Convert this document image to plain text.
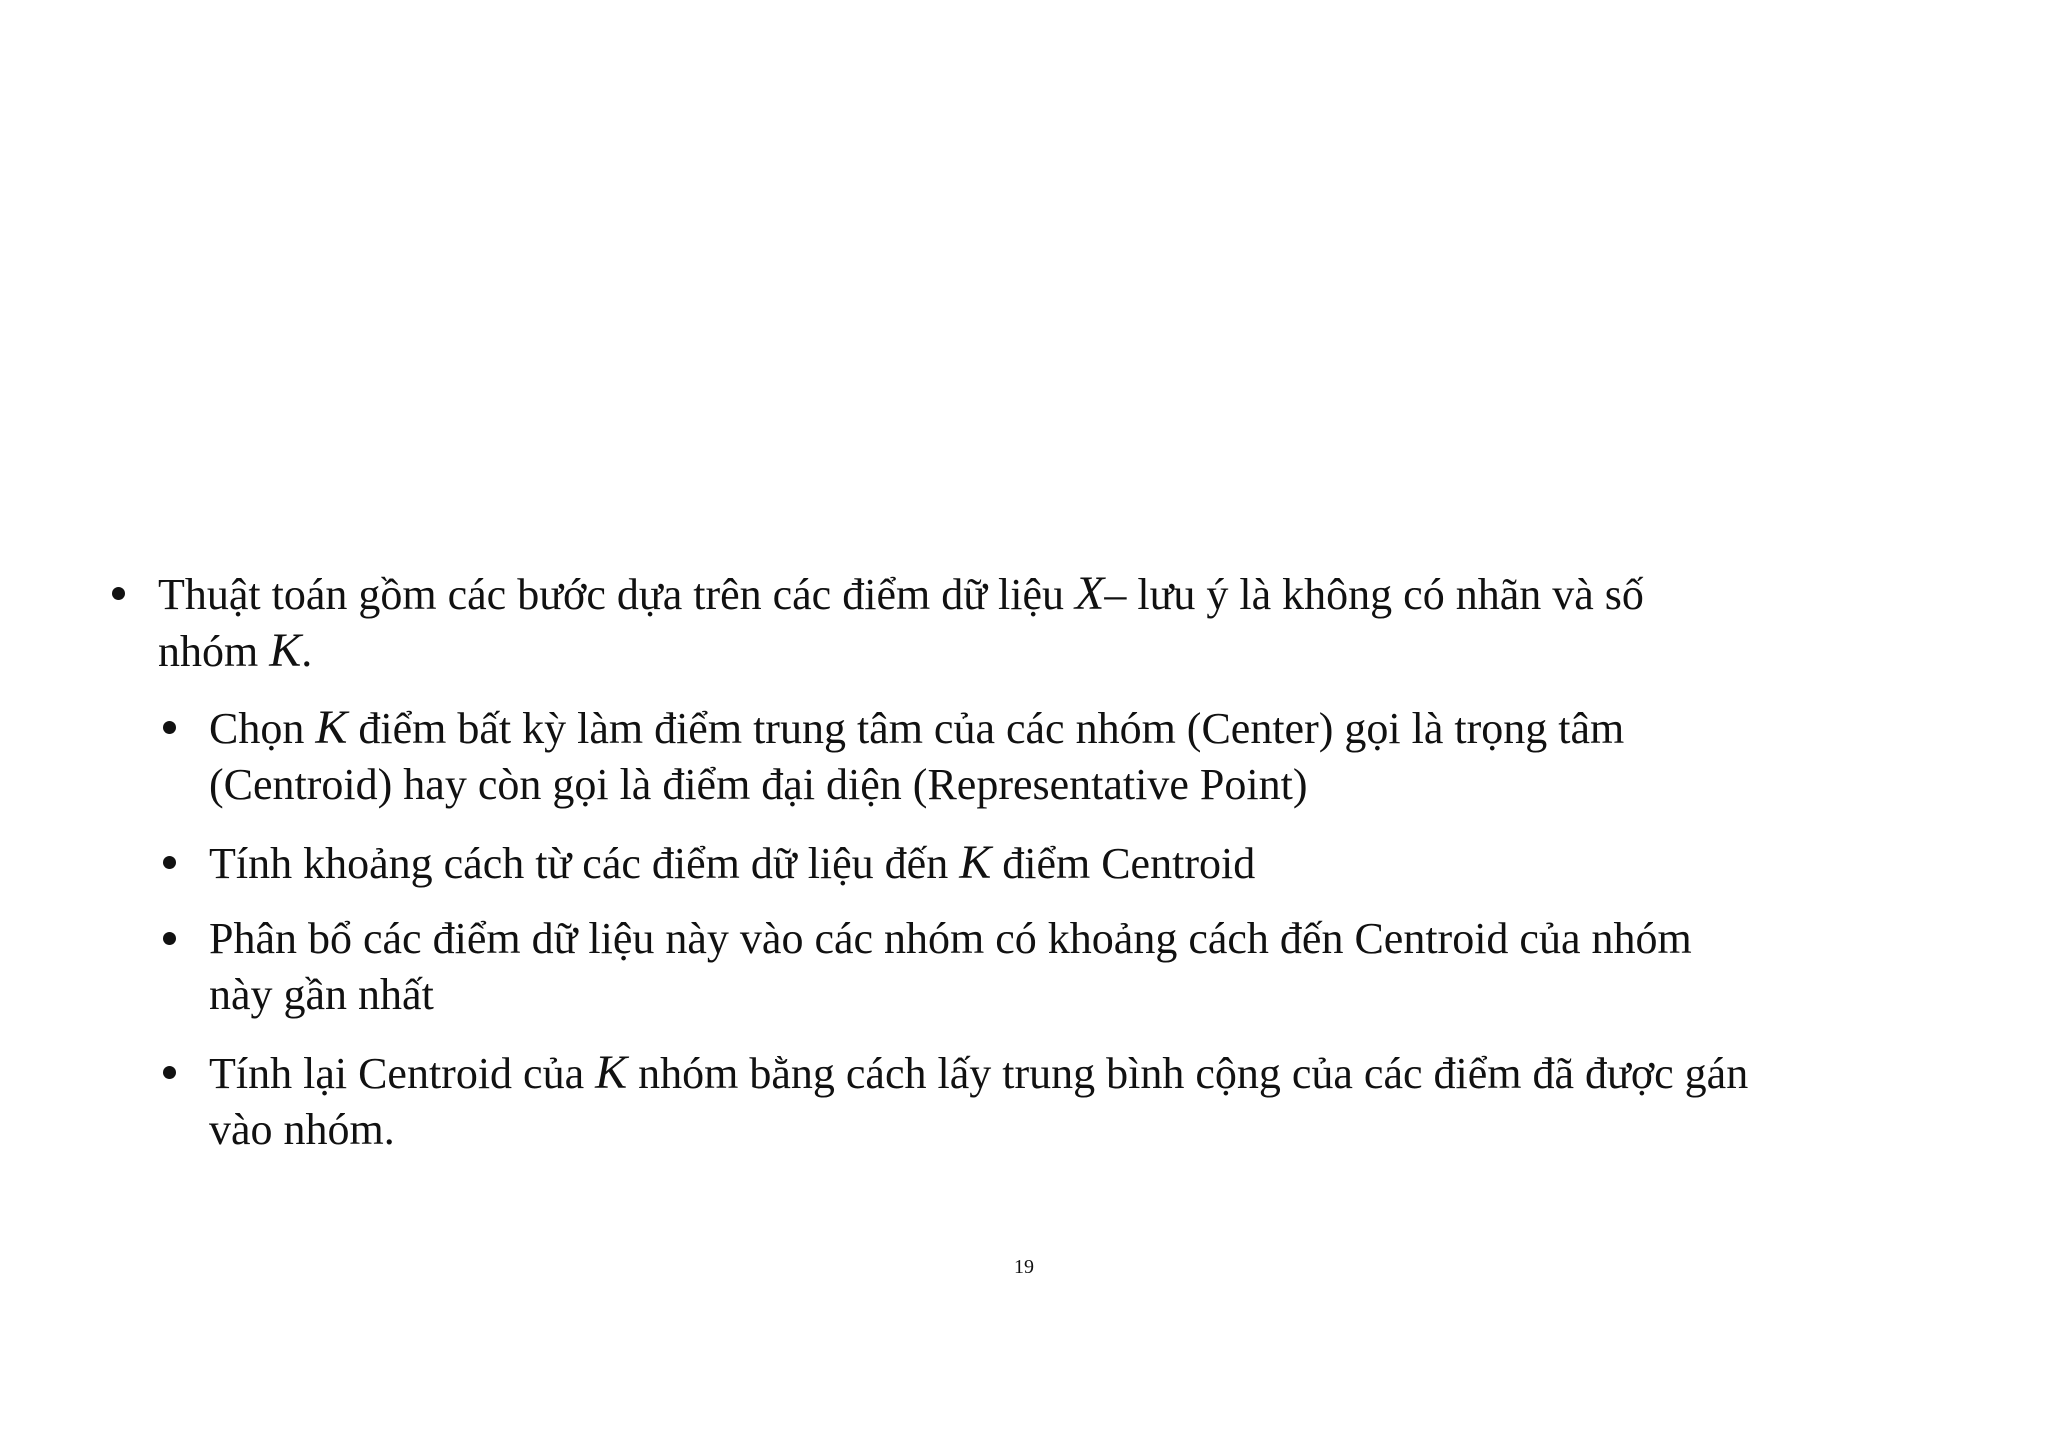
Thuật toán gồm các bước dựa trên các điểm dữ liệu X– lưu ý là không có nhãn và số
nhóm K.
Chọn K điểm bất kỳ làm điểm trung tâm của các nhóm (Center) gọi là trọng tâm
(Centroid) hay còn gọi là điểm đại diện (Representative Point)
Tính khoảng cách từ các điểm dữ liệu đến K điểm Centroid
Phân bổ các điểm dữ liệu này vào các nhóm có khoảng cách đến Centroid của nhóm
này gần nhất
Tính lại Centroid của K nhóm bằng cách lấy trung bình cộng của các điểm đã được gán
vào nhóm.
19
